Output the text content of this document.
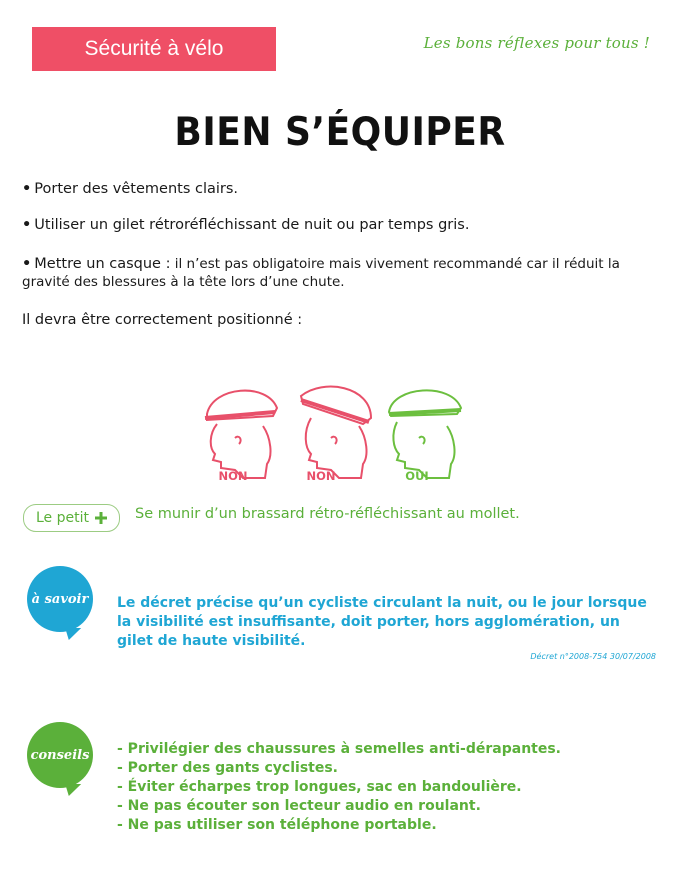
Sécurité à vélo	Les bons réflexes pour tous !
BIEN S’ÉQUIPER
• Porter des vêtements clairs.
• Utiliser un gilet rétroréfléchissant de nuit ou par temps gris.
• Mettre un casque : il n’est pas obligatoire mais vivement recommandé car il réduit la gravité des blessures à la tête lors d’une chute.
Il devra être correctement positionné :
NON	NON	OUI
Le petit	Se munir d’un brassard rétro-réfléchissant au mollet.
à savoir Le décret précise qu’un cycliste circulant la nuit, ou le jour lorsque la visibilité est insuffisante, doit porter, hors agglomération, un gilet de haute visibilité.
Décret n°2008-754 30/07/2008
conseils - Privilégier des chaussures à semelles anti-dérapantes.
- Porter des gants cyclistes.
- Éviter écharpes trop longues, sac en bandoulière.
- Ne pas écouter son lecteur audio en roulant.
- Ne pas utiliser son téléphone portable.
